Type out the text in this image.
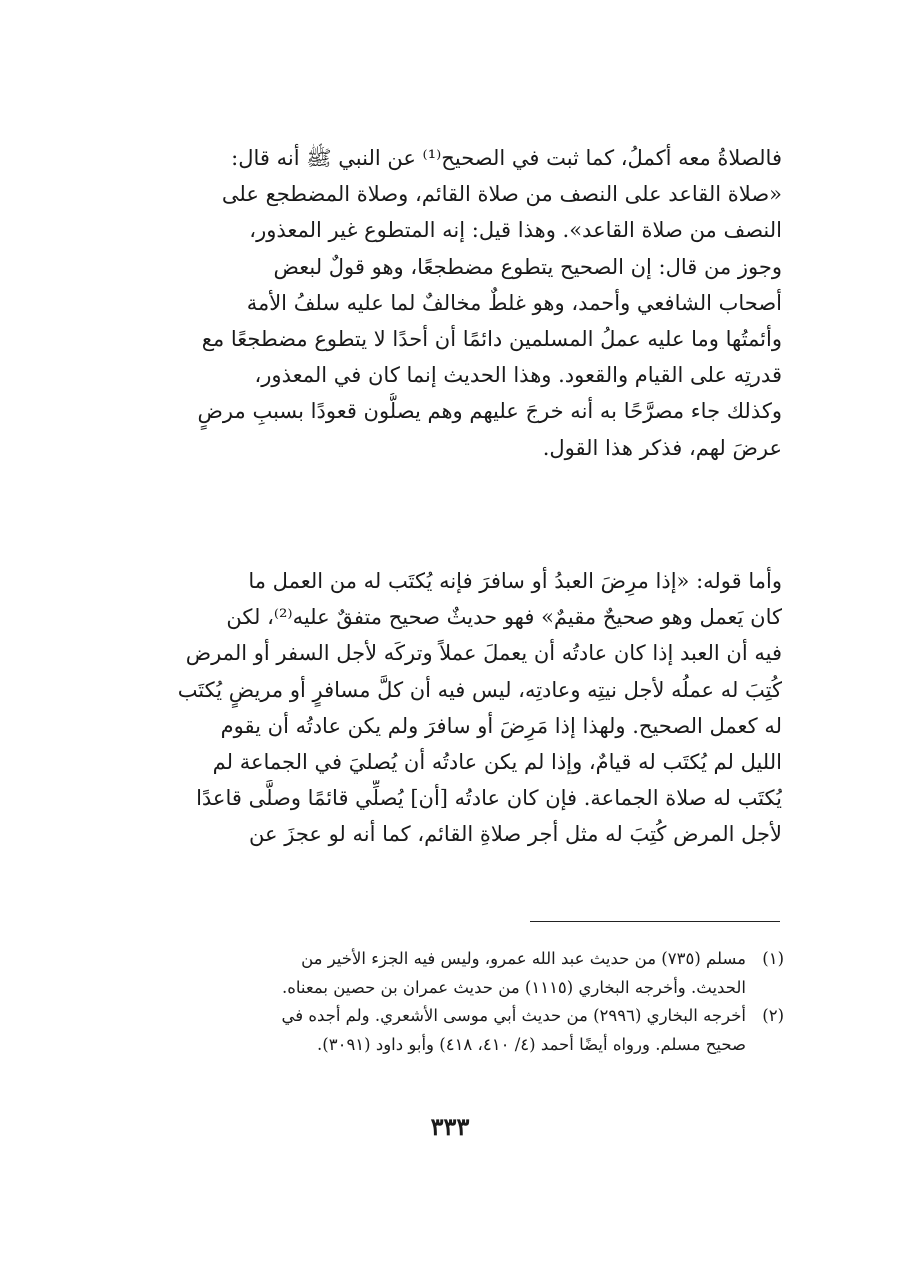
فالصلاةُ معه أكملُ، كما ثبت في الصحيح⁽¹⁾ عن النبي ﷺ أنه قال:
«صلاة القاعد على النصف من صلاة القائم، وصلاة المضطجع على
النصف من صلاة القاعد». وهذا قيل: إنه المتطوع غير المعذور،
وجوز من قال: إن الصحيح يتطوع مضطجعًا، وهو قولٌ لبعض
أصحاب الشافعي وأحمد، وهو غلطٌ مخالفٌ لما عليه سلفُ الأمة
وأئمتُها وما عليه عملُ المسلمين دائمًا أن أحدًا لا يتطوع مضطجعًا مع
قدرتِه على القيام والقعود. وهذا الحديث إنما كان في المعذور،
وكذلك جاء مصرَّحًا به أنه خرجَ عليهم وهم يصلُّون قعودًا بسببِ مرضٍ
عرضَ لهم، فذكر هذا القول.
وأما قوله: «إذا مرِضَ العبدُ أو سافرَ فإنه يُكتَب له من العمل ما
كان يَعمل وهو صحيحٌ مقيمٌ» فهو حديثٌ صحيح متفقٌ عليه⁽²⁾، لكن
فيه أن العبد إذا كان عادتُه أن يعملَ عملاً وتركَه لأجل السفر أو المرض
كُتِبَ له عملُه لأجل نيتِه وعادتِه، ليس فيه أن كلَّ مسافرٍ أو مريضٍ يُكتَب
له كعمل الصحيح. ولهذا إذا مَرِضَ أو سافرَ ولم يكن عادتُه أن يقوم
الليل لم يُكتَب له قيامٌ، وإذا لم يكن عادتُه أن يُصليَ في الجماعة لم
يُكتَب له صلاة الجماعة. فإن كان عادتُه [أن] يُصلِّي قائمًا وصلَّى قاعدًا
لأجل المرض كُتِبَ له مثل أجر صلاةِ القائم، كما أنه لو عجزَ عن
(١)
مسلم (٧٣٥) من حديث عبد الله عمرو، وليس فيه الجزء الأخير من
الحديث. وأخرجه البخاري (١١١٥) من حديث عمران بن حصين بمعناه.
(٢)
أخرجه البخاري (٢٩٩٦) من حديث أبي موسى الأشعري. ولم أجده في
صحيح مسلم. ورواه أيضًا أحمد (٤/ ٤١٠، ٤١٨) وأبو داود (٣٠٩١).
٣٣٣
